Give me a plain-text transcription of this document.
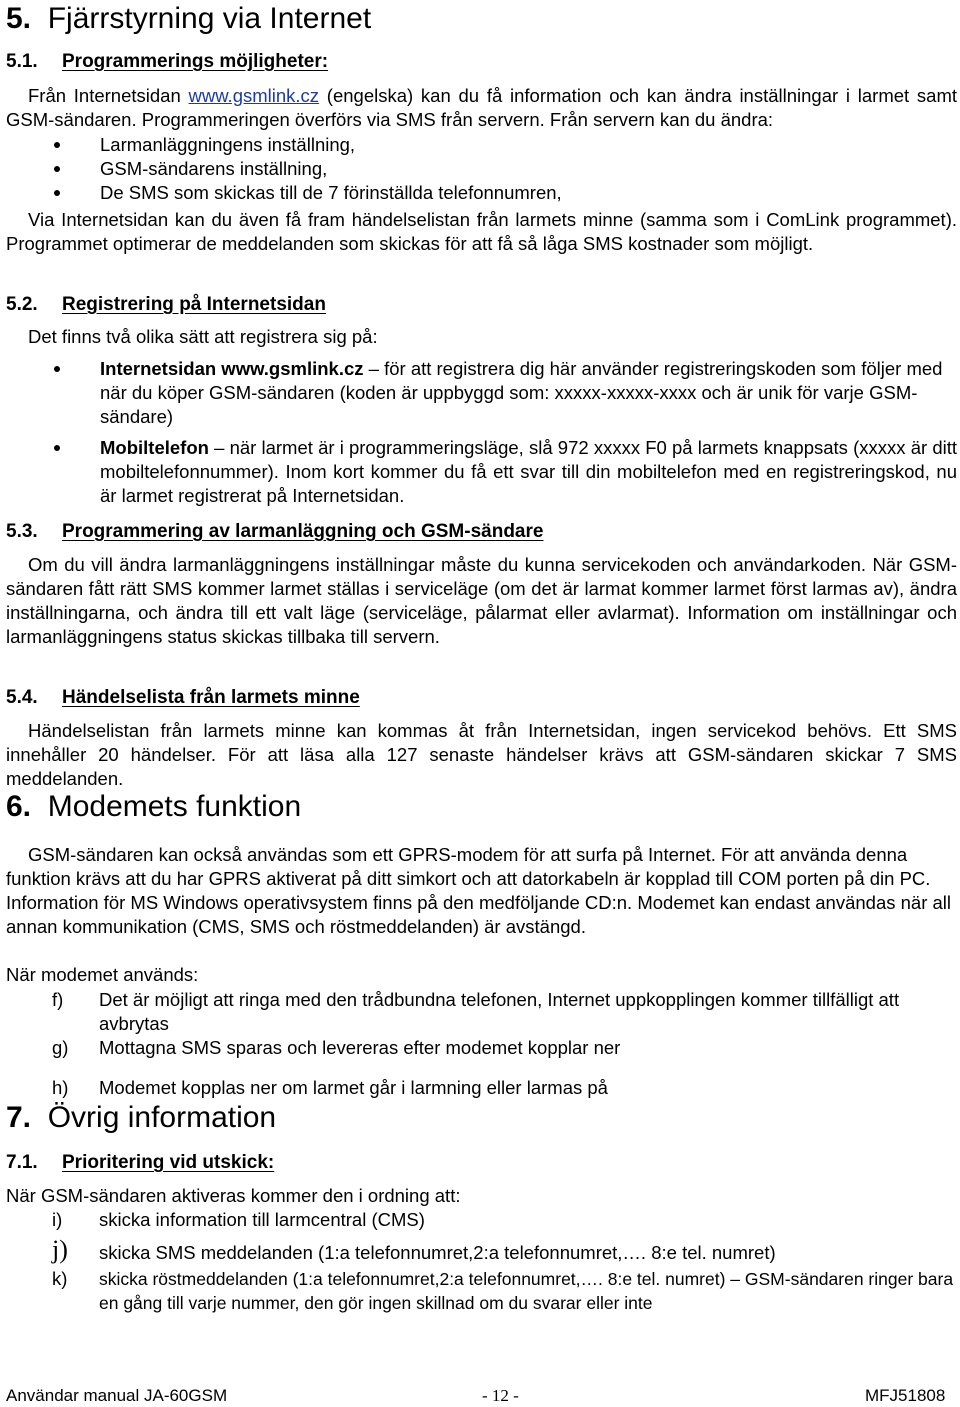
5. Fjärrstyrning via Internet
5.1. Programmerings möjligheter:
Från Internetsidan www.gsmlink.cz (engelska) kan du få information och kan ändra inställningar i larmet samt GSM-sändaren. Programmeringen överförs via SMS från servern. Från servern kan du ändra:
Larmanläggningens inställning,
GSM-sändarens inställning,
De SMS som skickas till de 7 förinställda telefonnumren,
Via Internetsidan kan du även få fram händelselistan från larmets minne (samma som i ComLink programmet). Programmet optimerar de meddelanden som skickas för att få så låga SMS kostnader som möjligt.
5.2. Registrering på Internetsidan
Det finns två olika sätt att registrera sig på:
Internetsidan www.gsmlink.cz – för att registrera dig här använder registreringskoden som följer med när du köper GSM-sändaren (koden är uppbyggd som: xxxxx-xxxxx-xxxx och är unik för varje GSM-sändare)
Mobiltelefon – när larmet är i programmeringsläge, slå 972 xxxxx F0 på larmets knappsats (xxxxx är ditt mobiltelefonnummer). Inom kort kommer du få ett svar till din mobiltelefon med en registreringskod, nu är larmet registrerat på Internetsidan.
5.3. Programmering av larmanläggning och GSM-sändare
Om du vill ändra larmanläggningens inställningar måste du kunna servicekoden och användarkoden. När GSM-sändaren fått rätt SMS kommer larmet ställas i serviceläge (om det är larmat kommer larmet först larmas av), ändra inställningarna, och ändra till ett valt läge (serviceläge, pålarmat eller avlarmat). Information om inställningar och larmanläggningens status skickas tillbaka till servern.
5.4. Händelselista från larmets minne
Händelselistan från larmets minne kan kommas åt från Internetsidan, ingen servicekod behövs. Ett SMS innehåller 20 händelser. För att läsa alla 127 senaste händelser krävs att GSM-sändaren skickar 7 SMS meddelanden.
6. Modemets funktion
GSM-sändaren kan också användas som ett GPRS-modem för att surfa på Internet. För att använda denna funktion krävs att du har GPRS aktiverat på ditt simkort och att datorkabeln är kopplad till COM porten på din PC. Information för MS Windows operativsystem finns på den medföljande CD:n. Modemet kan endast användas när all annan kommunikation (CMS, SMS och röstmeddelanden) är avstängd.
När modemet används:
f) Det är möjligt att ringa med den trådbundna telefonen, Internet uppkopplingen kommer tillfälligt att avbrytas
g) Mottagna SMS sparas och levereras efter modemet kopplar ner
h) Modemet kopplas ner om larmet går i larmning eller larmas på
7. Övrig information
7.1. Prioritering vid utskick:
När GSM-sändaren aktiveras kommer den i ordning att:
i) skicka information till larmcentral (CMS)
j) skicka SMS meddelanden (1:a telefonnumret,2:a telefonnumret,…. 8:e tel. numret)
k) skicka röstmeddelanden (1:a telefonnumret,2:a telefonnumret,…. 8:e tel. numret) – GSM-sändaren ringer bara en gång till varje nummer, den gör ingen skillnad om du svarar eller inte
Användar manual JA-60GSM	- 12 -	MFJ51808
